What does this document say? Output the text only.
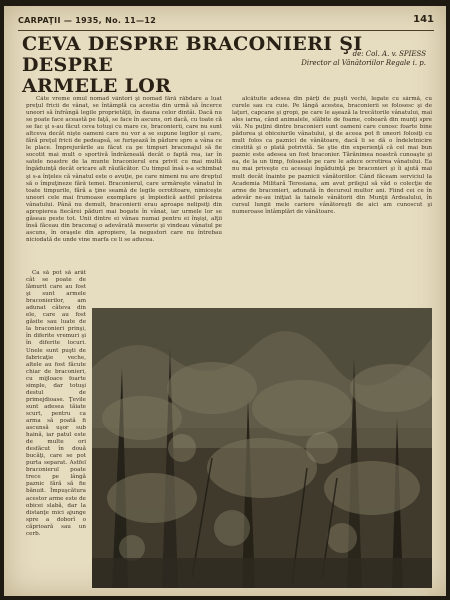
CARPAŢII — 1935, No. 11—12	141
CEVA DESPRE BRACONIERI ŞI DESPRE
ARMELE LOR
de: Col. A. v. SPIESS
Director al Vânătoriilor Regale i. p.
Câte vreme omul nomad vântori şi nomad fără răbdare a luat preţul fricii de vânat, se întâmplă ca acestia din urmă să încerce uneori să înfrângă legile proprietăţii, în dauna celor dintâi. Dacă nu se poate face această pe faţă, se face în ascuns, ori dacă, cu toate că se fac şi s-au făcut ceva totuşi cu mare ce, braconierii, care nu sunt altceva decât nişte oameni care nu vor a se supune legilor şi care, fără preţul fricii de pedeapsă, se furişează în pădure spre a vâna ce le place. Împrejurările au făcut ca pe timpuri braconajul să fie socotit mai mult o sportivă îndrăzneală decât o faptă rea, iar în satele noastre de la munte braconierul era privit cu mai multă îngăduinţă decât oricare alt răufăcător. Cu timpul însă s-a schimbat şi s-a înţeles că vânatul este o avuţie, pe care nimeni nu are dreptul să o împuţineze fără temei. Braconierul, care urmăreşte vânatul în toate timpurile, fără a ţine seamă de legile ocrotitoare, nimiceşte uneori cele mai frumoase exemplare şi împiedică astfel prăsirea vânatului. Până nu demult, braconierii erau aproape nelipsiţi din apropierea fiecărei păduri mai bogate în vânat, iar urmele lor se găseau peste tot. Unii dintre ei vânau numai pentru ei înşişi, alţii însă făceau din braconaj o adevărată meserie şi vindeau vânatul pe ascuns, în oraşele din apropiere, la negustori care nu întrebau niciodată de unde vine marfa ce li se aducea.
alcătuite adesea din părţi de puşti vechi, legate cu sârmă, cu curele sau cu cuie. Pe lângă acestea, braconierii se folosesc şi de laţuri, capcane şi gropi, pe care le aşează la trecătorile vânatului, mai ales iarna, când animalele, slăbite de foame, coboară din munţi spre văi. Nu puţini dintre braconieri sunt oameni care cunosc foarte bine pădurea şi obiceiurile vânatului, şi de aceea pot fi uneori folosiţi cu mult folos ca paznici de vânătoare, dacă li se dă o îndeletnicire cinstită şi o plată potrivită. Se ştie din experienţă că cel mai bun paznic este adesea un fost braconier. Tărănimea noastră cunoaşte şi ea, de la un timp, foloasele pe care le aduce ocrotirea vânatului. Ea nu mai priveşte cu aceeaşi îngăduinţă pe braconieri şi îi ajută mai mult decât înainte pe paznicii vânătoriilor. Când făceam serviciul la Academia Militară Teresiana, am avut prilejul să văd o colecţie de arme de braconieri, adunată în decursul multor ani. Fiind cei ce în adevăr ne-au iniţiat la tainele vânătorii din Munţii Ardealului, în cursul lungii mele cariere vânătoreşti de aici am cunoscut şi numeroase întâmplări de vânătoare.
Ca să pot să arăt cât se poate de lămurit care au fost şi sunt armele braconierilor, am adunat câteva din ele, care au fost găsite sau luate de la braconieri prinşi, în diferite vremuri şi în diferite locuri. Unele sunt puşti de fabricaţie veche, altele au fost făcute chiar de braconieri, cu mijloace foarte simple, dar totuşi destul de primejdioase. Ţevile sunt adesea tăiate scurt, pentru ca arma să poată fi ascunsă uşor sub haină, iar patul este de multe ori desfăcut în două bucăţi, care se pot purta separat. Astfel braconierul poate trece pe lângă paznic fără să fie bănuit. Împuşcătura acestor arme este de obicei slabă, dar la distanţe mici ajunge spre a doborî o căprioară sau un cerb.
Din colecţia Spiess
